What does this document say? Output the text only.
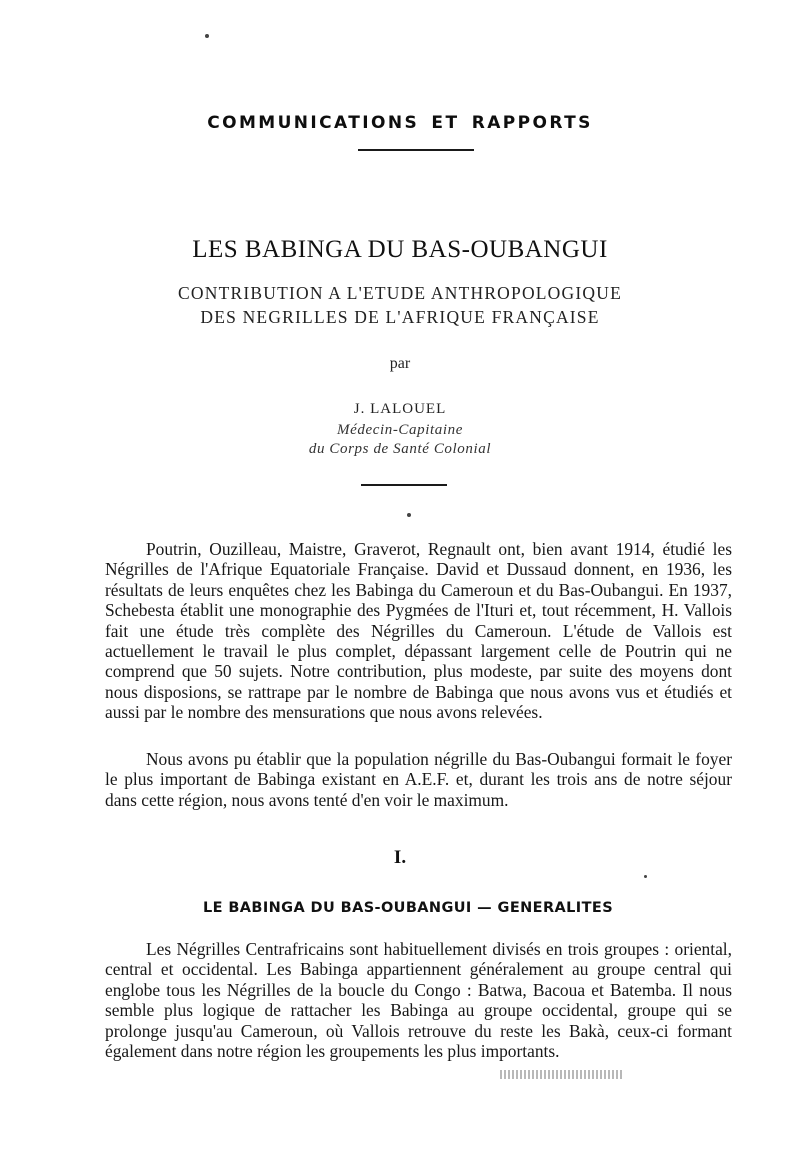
COMMUNICATIONS ET RAPPORTS
LES BABINGA DU BAS-OUBANGUI
CONTRIBUTION A L'ETUDE ANTHROPOLOGIQUE
DES NEGRILLES DE L'AFRIQUE FRANÇAISE
par
J. LALOUEL
Médecin-Capitaine
du Corps de Santé Colonial

Poutrin, Ouzilleau, Maistre, Graverot, Regnault ont, bien avant 1914, étudié les Négrilles de l'Afrique Equatoriale Française. David et Dussaud donnent, en 1936, les résultats de leurs enquêtes chez les Babinga du Cameroun et du Bas-Oubangui. En 1937, Schebesta établit une monographie des Pygmées de l'Ituri et, tout récemment, H. Vallois fait une étude très complète des Négrilles du Cameroun. L'étude de Vallois est actuellement le travail le plus complet, dépassant largement celle de Poutrin qui ne comprend que 50 sujets. Notre contribution, plus modeste, par suite des moyens dont nous disposions, se rattrape par le nombre de Babinga que nous avons vus et étudiés et aussi par le nombre des mensurations que nous avons relevées.

Nous avons pu établir que la population négrille du Bas-Oubangui formait le foyer le plus important de Babinga existant en A.E.F. et, durant les trois ans de notre séjour dans cette région, nous avons tenté d'en voir le maximum.

I.
LE BABINGA DU BAS-OUBANGUI — GENERALITES

Les Négrilles Centrafricains sont habituellement divisés en trois groupes : oriental, central et occidental. Les Babinga appartiennent généralement au groupe central qui englobe tous les Négrilles de la boucle du Congo : Batwa, Bacoua et Batemba. Il nous semble plus logique de rattacher les Babinga au groupe occidental, groupe qui se prolonge jusqu'au Cameroun, où Vallois retrouve du reste les Bakà, ceux-ci formant également dans notre région les groupements les plus importants.
